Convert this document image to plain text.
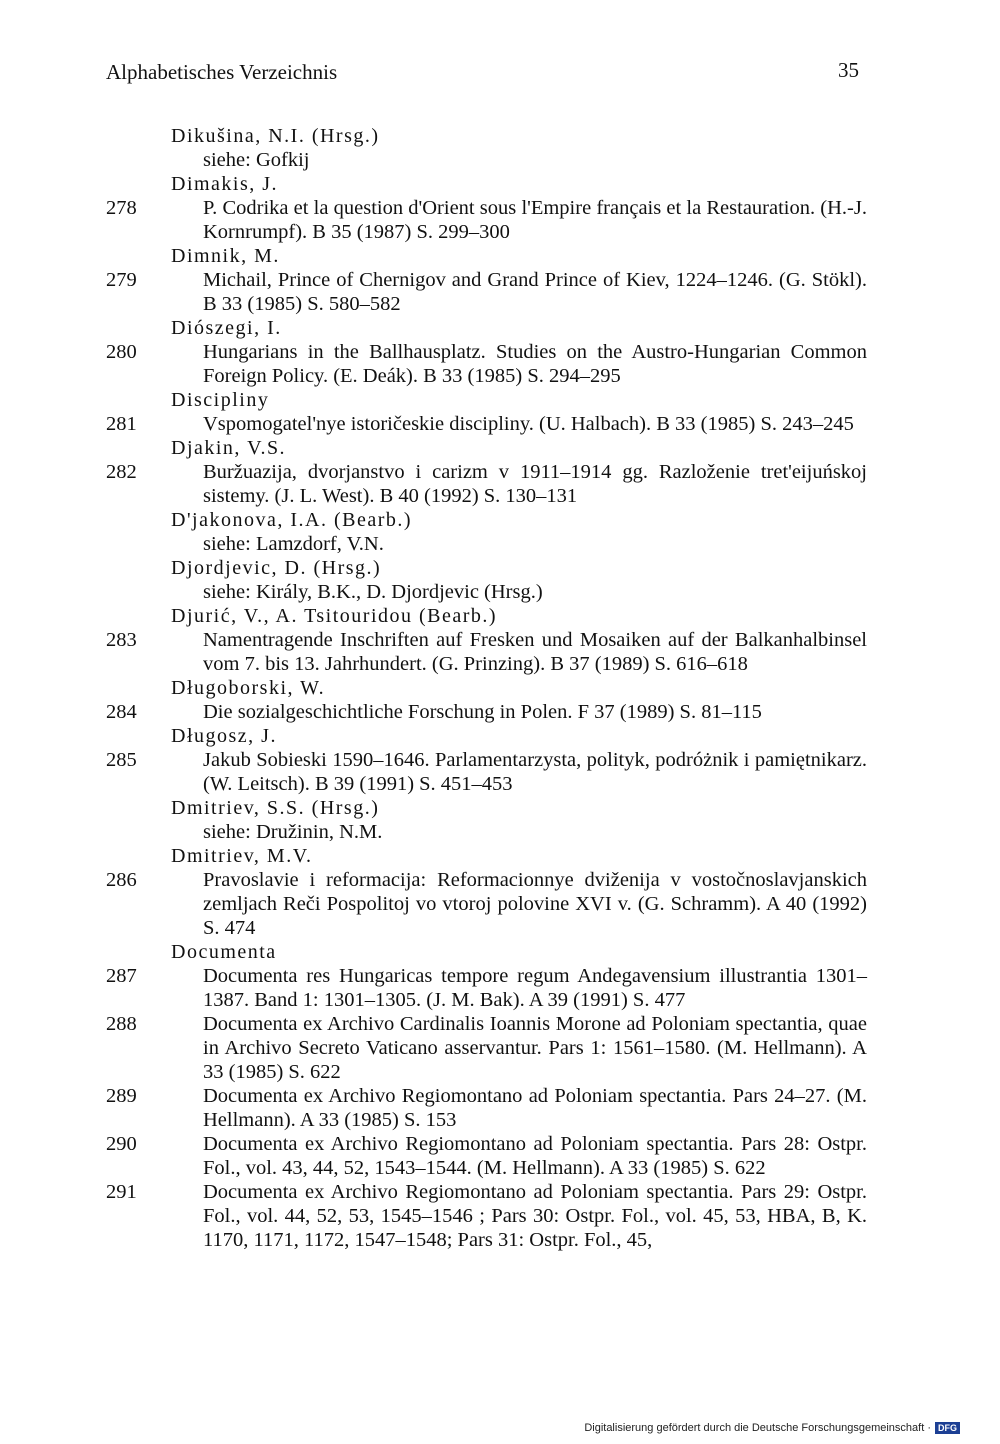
Alphabetisches Verzeichnis	35
Dikušina, N.I. (Hrsg.)
siehe: Gofkij
Dimakis, J.
278	P. Codrika et la question d'Orient sous l'Empire français et la Restauration. (H.-J. Kornrumpf). B 35 (1987) S. 299–300
Dimnik, M.
279	Michail, Prince of Chernigov and Grand Prince of Kiev, 1224–1246. (G. Stökl). B 33 (1985) S. 580–582
Diószegi, I.
280	Hungarians in the Ballhausplatz. Studies on the Austro-Hungarian Common Foreign Policy. (E. Deák). B 33 (1985) S. 294–295
Discipliny
281	Vspomogatel'nye istoričeskie discipliny. (U. Halbach). B 33 (1985) S. 243–245
Djakin, V.S.
282	Buržuazija, dvorjanstvo i carizm v 1911–1914 gg. Razloženie tret'eijuńskoj sistemy. (J. L. West). B 40 (1992) S. 130–131
D'jakonova, I.A. (Bearb.)
siehe: Lamzdorf, V.N.
Djordjevic, D. (Hrsg.)
siehe: Király, B.K., D. Djordjevic (Hrsg.)
Djurić, V., A. Tsitouridou (Bearb.)
283	Namentragende Inschriften auf Fresken und Mosaiken auf der Balkanhalbinsel vom 7. bis 13. Jahrhundert. (G. Prinzing). B 37 (1989) S. 616–618
Długoborski, W.
284	Die sozialgeschichtliche Forschung in Polen. F 37 (1989) S. 81–115
Długosz, J.
285	Jakub Sobieski 1590–1646. Parlamentarzysta, polityk, podróżnik i pamiętnikarz. (W. Leitsch). B 39 (1991) S. 451–453
Dmitriev, S.S. (Hrsg.)
siehe: Družinin, N.M.
Dmitriev, M.V.
286	Pravoslavie i reformacija: Reformacionnye dviženija v vostočnoslavjanskich zemljach Reči Pospolitoj vo vtoroj polovine XVI v. (G. Schramm). A 40 (1992) S. 474
Documenta
287	Documenta res Hungaricas tempore regum Andegavensium illustrantia 1301–1387. Band 1: 1301–1305. (J. M. Bak). A 39 (1991) S. 477
288	Documenta ex Archivo Cardinalis Ioannis Morone ad Poloniam spectantia, quae in Archivo Secreto Vaticano asservantur. Pars 1: 1561–1580. (M. Hellmann). A 33 (1985) S. 622
289	Documenta ex Archivo Regiomontano ad Poloniam spectantia. Pars 24–27. (M. Hellmann). A 33 (1985) S. 153
290	Documenta ex Archivo Regiomontano ad Poloniam spectantia. Pars 28: Ostpr. Fol., vol. 43, 44, 52, 1543–1544. (M. Hellmann). A 33 (1985) S. 622
291	Documenta ex Archivo Regiomontano ad Poloniam spectantia. Pars 29: Ostpr. Fol., vol. 44, 52, 53, 1545–1546 ; Pars 30: Ostpr. Fol., vol. 45, 53, HBA, B, K. 1170, 1171, 1172, 1547–1548; Pars 31: Ostpr. Fol., 45,
Digitalisierung gefördert durch die Deutsche Forschungsgemeinschaft · DFG
